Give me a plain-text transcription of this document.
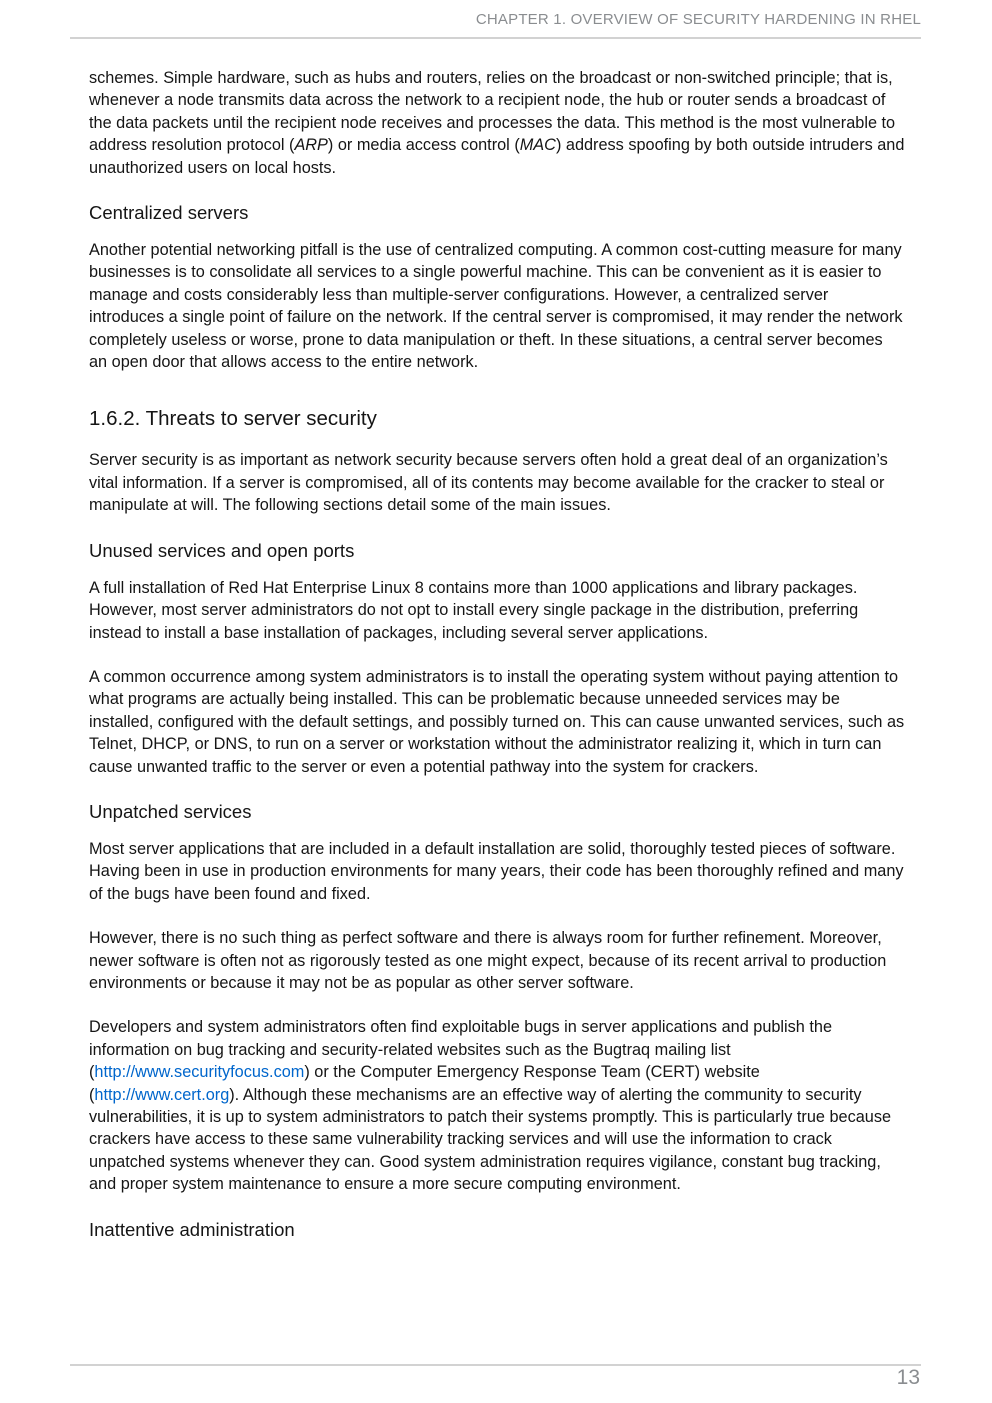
CHAPTER 1. OVERVIEW OF SECURITY HARDENING IN RHEL

schemes. Simple hardware, such as hubs and routers, relies on the broadcast or non-switched principle; that is, whenever a node transmits data across the network to a recipient node, the hub or router sends a broadcast of the data packets until the recipient node receives and processes the data. This method is the most vulnerable to address resolution protocol (ARP) or media access control (MAC) address spoofing by both outside intruders and unauthorized users on local hosts.

Centralized servers

Another potential networking pitfall is the use of centralized computing. A common cost-cutting measure for many businesses is to consolidate all services to a single powerful machine. This can be convenient as it is easier to manage and costs considerably less than multiple-server configurations. However, a centralized server introduces a single point of failure on the network. If the central server is compromised, it may render the network completely useless or worse, prone to data manipulation or theft. In these situations, a central server becomes an open door that allows access to the entire network.

1.6.2. Threats to server security

Server security is as important as network security because servers often hold a great deal of an organization’s vital information. If a server is compromised, all of its contents may become available for the cracker to steal or manipulate at will. The following sections detail some of the main issues.

Unused services and open ports

A full installation of Red Hat Enterprise Linux 8 contains more than 1000 applications and library packages. However, most server administrators do not opt to install every single package in the distribution, preferring instead to install a base installation of packages, including several server applications.

A common occurrence among system administrators is to install the operating system without paying attention to what programs are actually being installed. This can be problematic because unneeded services may be installed, configured with the default settings, and possibly turned on. This can cause unwanted services, such as Telnet, DHCP, or DNS, to run on a server or workstation without the administrator realizing it, which in turn can cause unwanted traffic to the server or even a potential pathway into the system for crackers.

Unpatched services

Most server applications that are included in a default installation are solid, thoroughly tested pieces of software. Having been in use in production environments for many years, their code has been thoroughly refined and many of the bugs have been found and fixed.

However, there is no such thing as perfect software and there is always room for further refinement. Moreover, newer software is often not as rigorously tested as one might expect, because of its recent arrival to production environments or because it may not be as popular as other server software.

Developers and system administrators often find exploitable bugs in server applications and publish the information on bug tracking and security-related websites such as the Bugtraq mailing list (http://www.securityfocus.com) or the Computer Emergency Response Team (CERT) website (http://www.cert.org). Although these mechanisms are an effective way of alerting the community to security vulnerabilities, it is up to system administrators to patch their systems promptly. This is particularly true because crackers have access to these same vulnerability tracking services and will use the information to crack unpatched systems whenever they can. Good system administration requires vigilance, constant bug tracking, and proper system maintenance to ensure a more secure computing environment.

Inattentive administration
13
